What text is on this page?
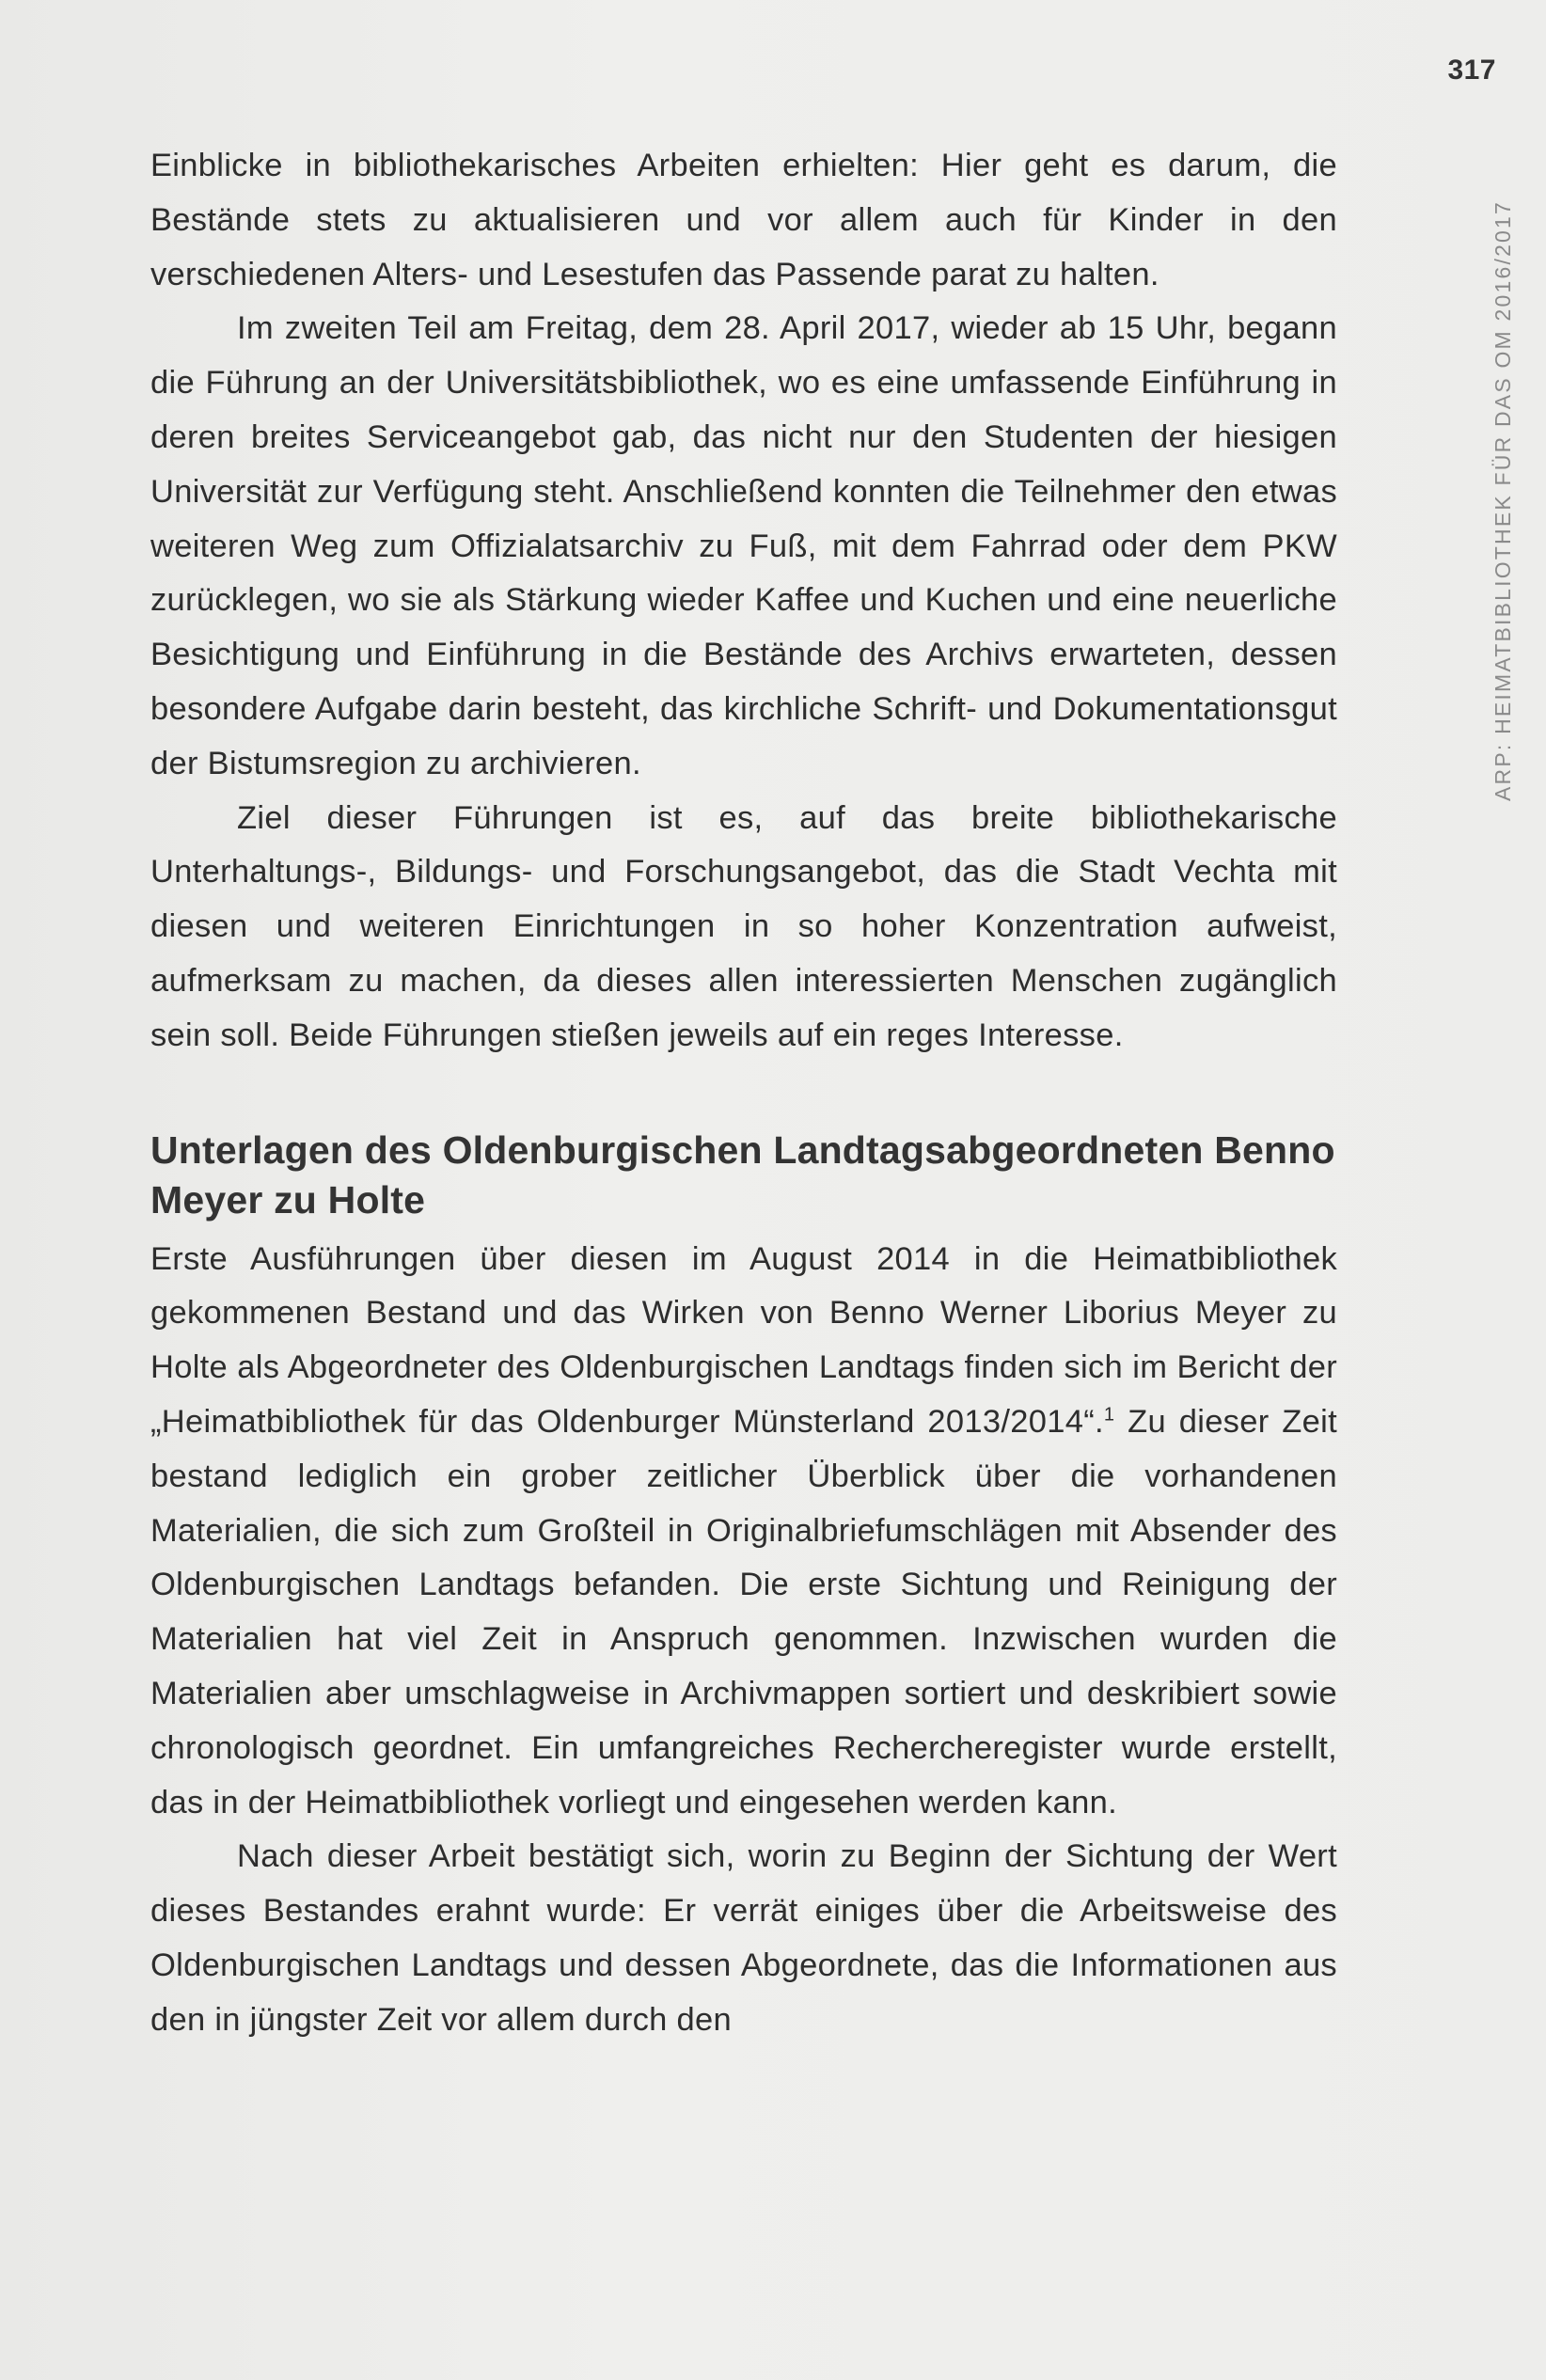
317
ARP: HEIMATBIBLIOTHEK FÜR DAS OM 2016/2017

Einblicke in bibliothekarisches Arbeiten erhielten: Hier geht es darum, die Bestände stets zu aktualisieren und vor allem auch für Kinder in den verschiedenen Alters- und Lesestufen das Passende parat zu halten.

Im zweiten Teil am Freitag, dem 28. April 2017, wieder ab 15 Uhr, begann die Führung an der Universitätsbibliothek, wo es eine umfassende Einführung in deren breites Serviceangebot gab, das nicht nur den Studenten der hiesigen Universität zur Verfügung steht. Anschließend konnten die Teilnehmer den etwas weiteren Weg zum Offizialatsarchiv zu Fuß, mit dem Fahrrad oder dem PKW zurücklegen, wo sie als Stärkung wieder Kaffee und Kuchen und eine neuerliche Besichtigung und Einführung in die Bestände des Archivs erwarteten, dessen besondere Aufgabe darin besteht, das kirchliche Schrift- und Dokumentationsgut der Bistumsregion zu archivieren.

Ziel dieser Führungen ist es, auf das breite bibliothekarische Unterhaltungs-, Bildungs- und Forschungsangebot, das die Stadt Vechta mit diesen und weiteren Einrichtungen in so hoher Konzentration aufweist, aufmerksam zu machen, da dieses allen interessierten Menschen zugänglich sein soll. Beide Führungen stießen jeweils auf ein reges Interesse.

Unterlagen des Oldenburgischen Landtagsabgeordneten Benno Meyer zu Holte

Erste Ausführungen über diesen im August 2014 in die Heimatbibliothek gekommenen Bestand und das Wirken von Benno Werner Liborius Meyer zu Holte als Abgeordneter des Oldenburgischen Landtags finden sich im Bericht der „Heimatbibliothek für das Oldenburger Münsterland 2013/2014“.$^1$ Zu dieser Zeit bestand lediglich ein grober zeitlicher Überblick über die vorhandenen Materialien, die sich zum Großteil in Originalbriefumschlägen mit Absender des Oldenburgischen Landtags befanden. Die erste Sichtung und Reinigung der Materialien hat viel Zeit in Anspruch genommen. Inzwischen wurden die Materialien aber umschlagweise in Archivmappen sortiert und deskribiert sowie chronologisch geordnet. Ein umfangreiches Rechercheregister wurde erstellt, das in der Heimatbibliothek vorliegt und eingesehen werden kann.

Nach dieser Arbeit bestätigt sich, worin zu Beginn der Sichtung der Wert dieses Bestandes erahnt wurde: Er verrät einiges über die Arbeitsweise des Oldenburgischen Landtags und dessen Abgeordnete, das die Informationen aus den in jüngster Zeit vor allem durch den
